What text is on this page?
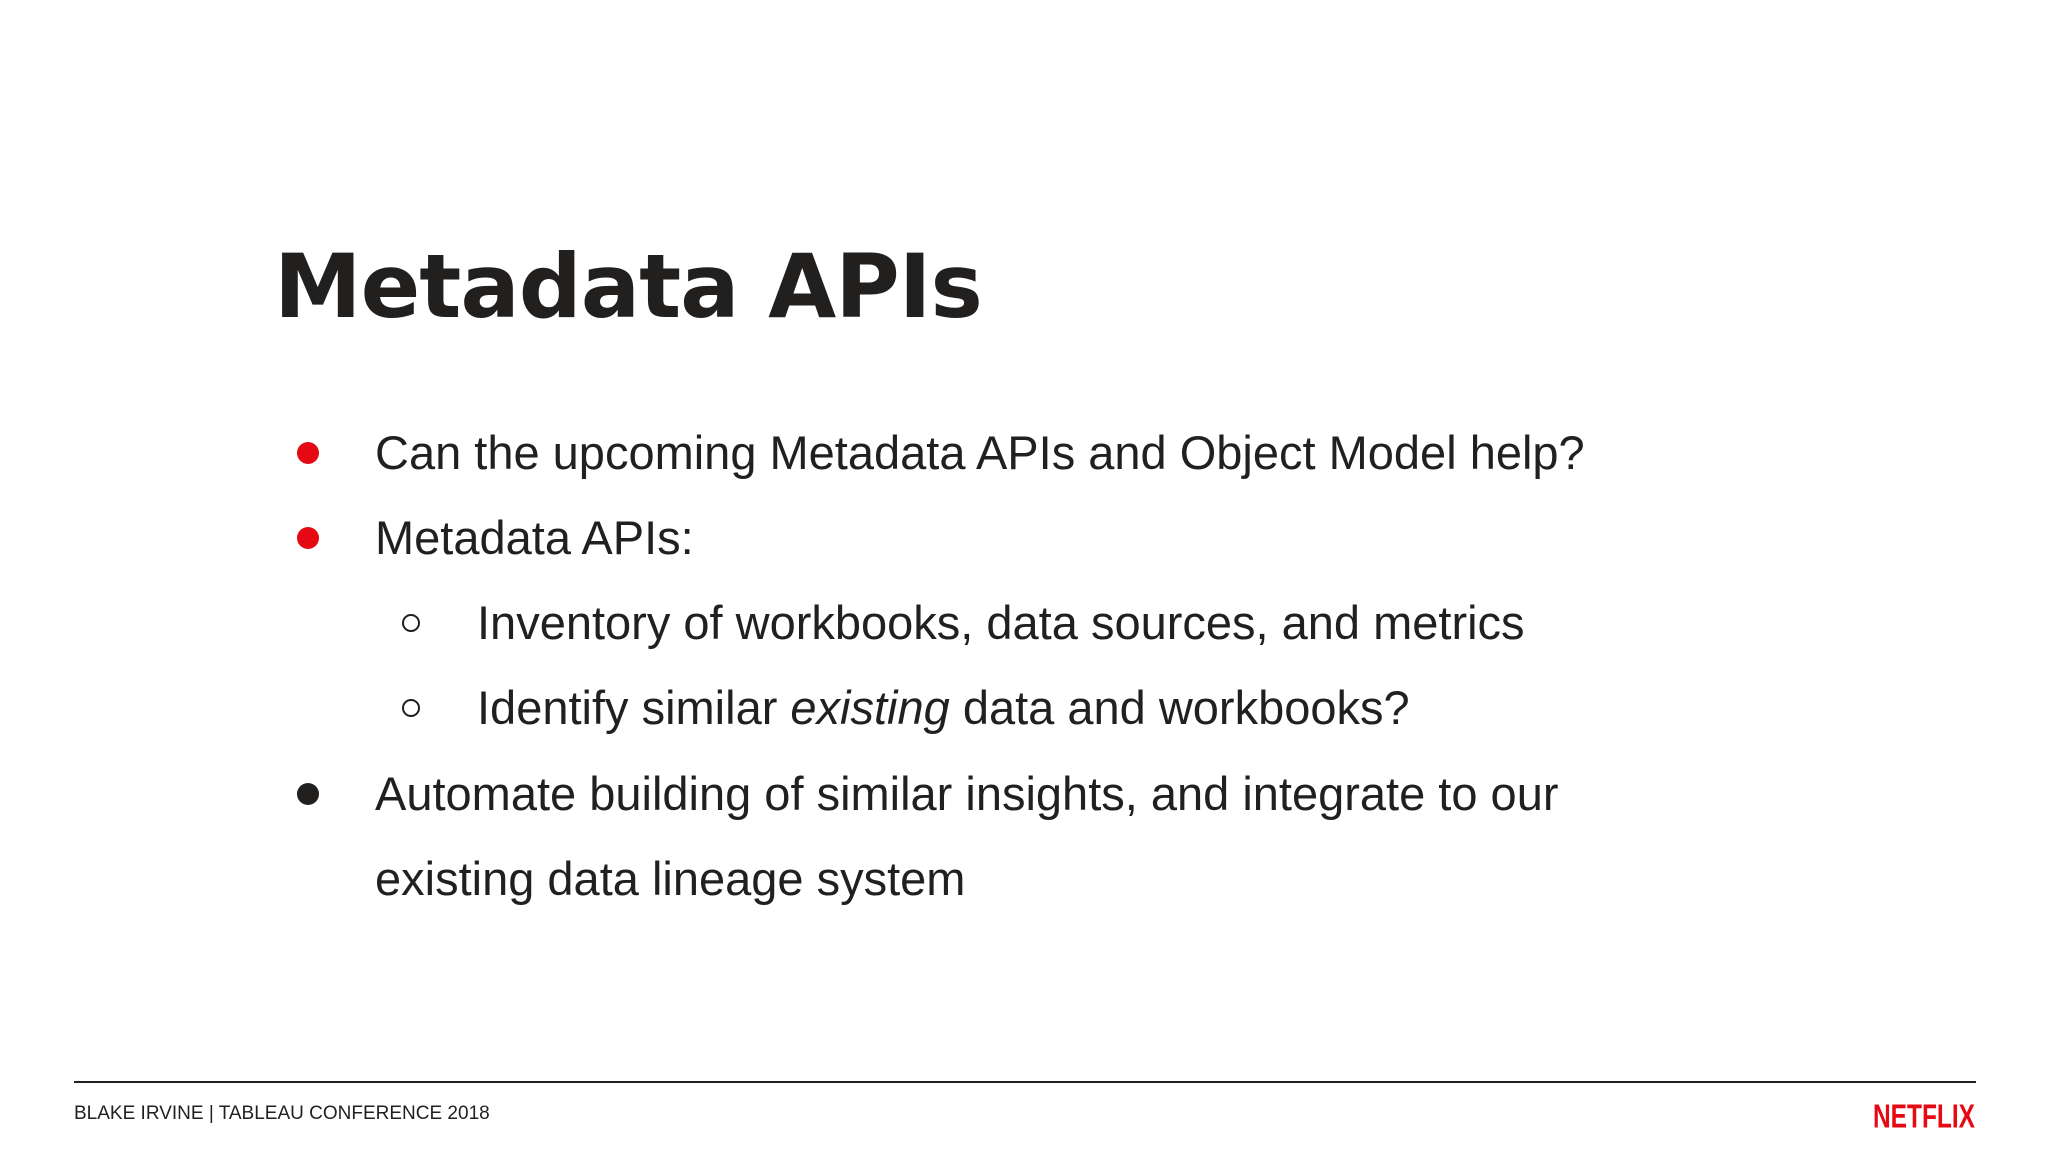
Metadata APIs
Can the upcoming Metadata APIs and Object Model help?
Metadata APIs:
Inventory of workbooks, data sources, and metrics
Identify similar existing data and workbooks?
Automate building of similar insights, and integrate to our
existing data lineage system
BLAKE IRVINE | TABLEAU CONFERENCE 2018	NETFLIX
